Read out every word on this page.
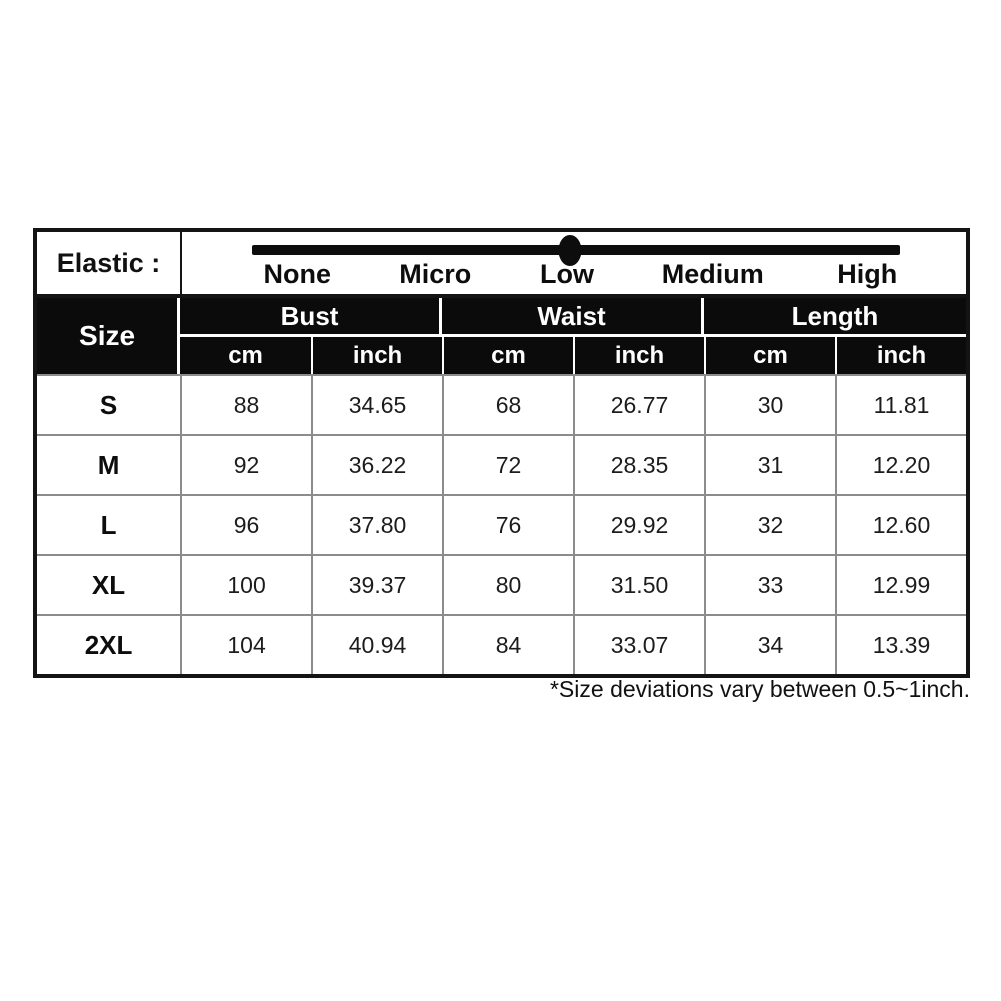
Elastic :	None Micro Low Medium High					

Size	Bust		Waist		Length	
	cm	inch	cm	inch	cm	inch
S	88	34.65	68	26.77	30	11.81
M	92	36.22	72	28.35	31	12.20
L	96	37.80	76	29.92	32	12.60
XL	100	39.37	80	31.50	33	12.99
2XL	104	40.94	84	33.07	34	13.39
*Size deviations vary between 0.5~1inch.
